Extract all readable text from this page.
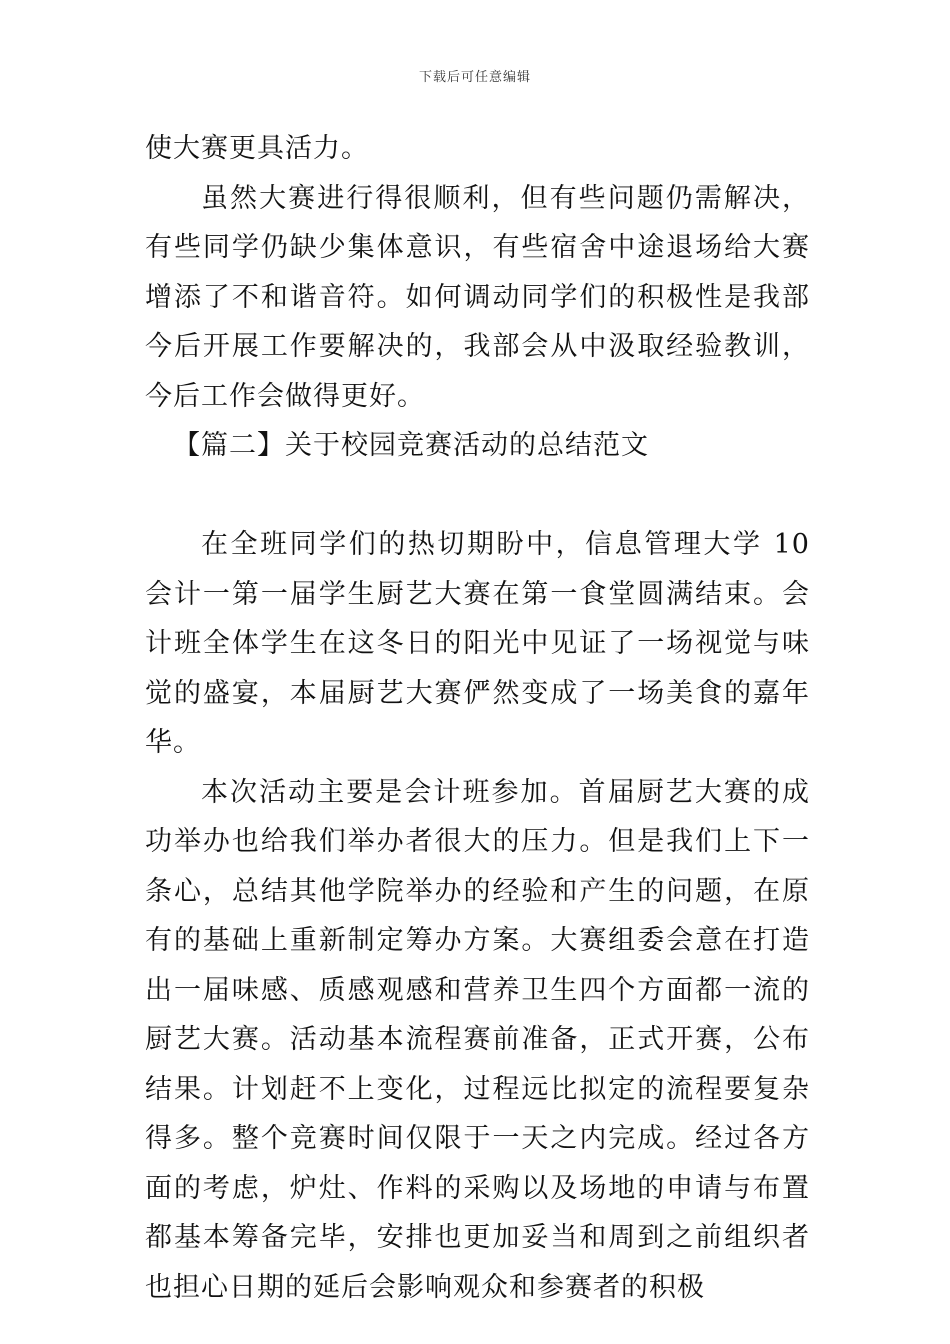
下载后可任意编辑

使大赛更具活力。

虽然大赛进行得很顺利，但有些问题仍需解决，有些同学仍缺少集体意识，有些宿舍中途退场给大赛增添了不和谐音符。如何调动同学们的积极性是我部今后开展工作要解决的，我部会从中汲取经验教训，今后工作会做得更好。

【篇二】关于校园竞赛活动的总结范文

在全班同学们的热切期盼中，信息管理大学 10 会计一第一届学生厨艺大赛在第一食堂圆满结束。会计班全体学生在这冬日的阳光中见证了一场视觉与味觉的盛宴，本届厨艺大赛俨然变成了一场美食的嘉年华。

本次活动主要是会计班参加。首届厨艺大赛的成功举办也给我们举办者很大的压力。但是我们上下一条心，总结其他学院举办的经验和产生的问题，在原有的基础上重新制定筹办方案。大赛组委会意在打造出一届味感、质感观感和营养卫生四个方面都一流的厨艺大赛。活动基本流程赛前准备，正式开赛，公布结果。计划赶不上变化，过程远比拟定的流程要复杂得多。整个竞赛时间仅限于一天之内完成。经过各方面的考虑，炉灶、作料的采购以及场地的申请与布置都基本筹备完毕，安排也更加妥当和周到之前组织者也担心日期的延后会影响观众和参赛者的积极
